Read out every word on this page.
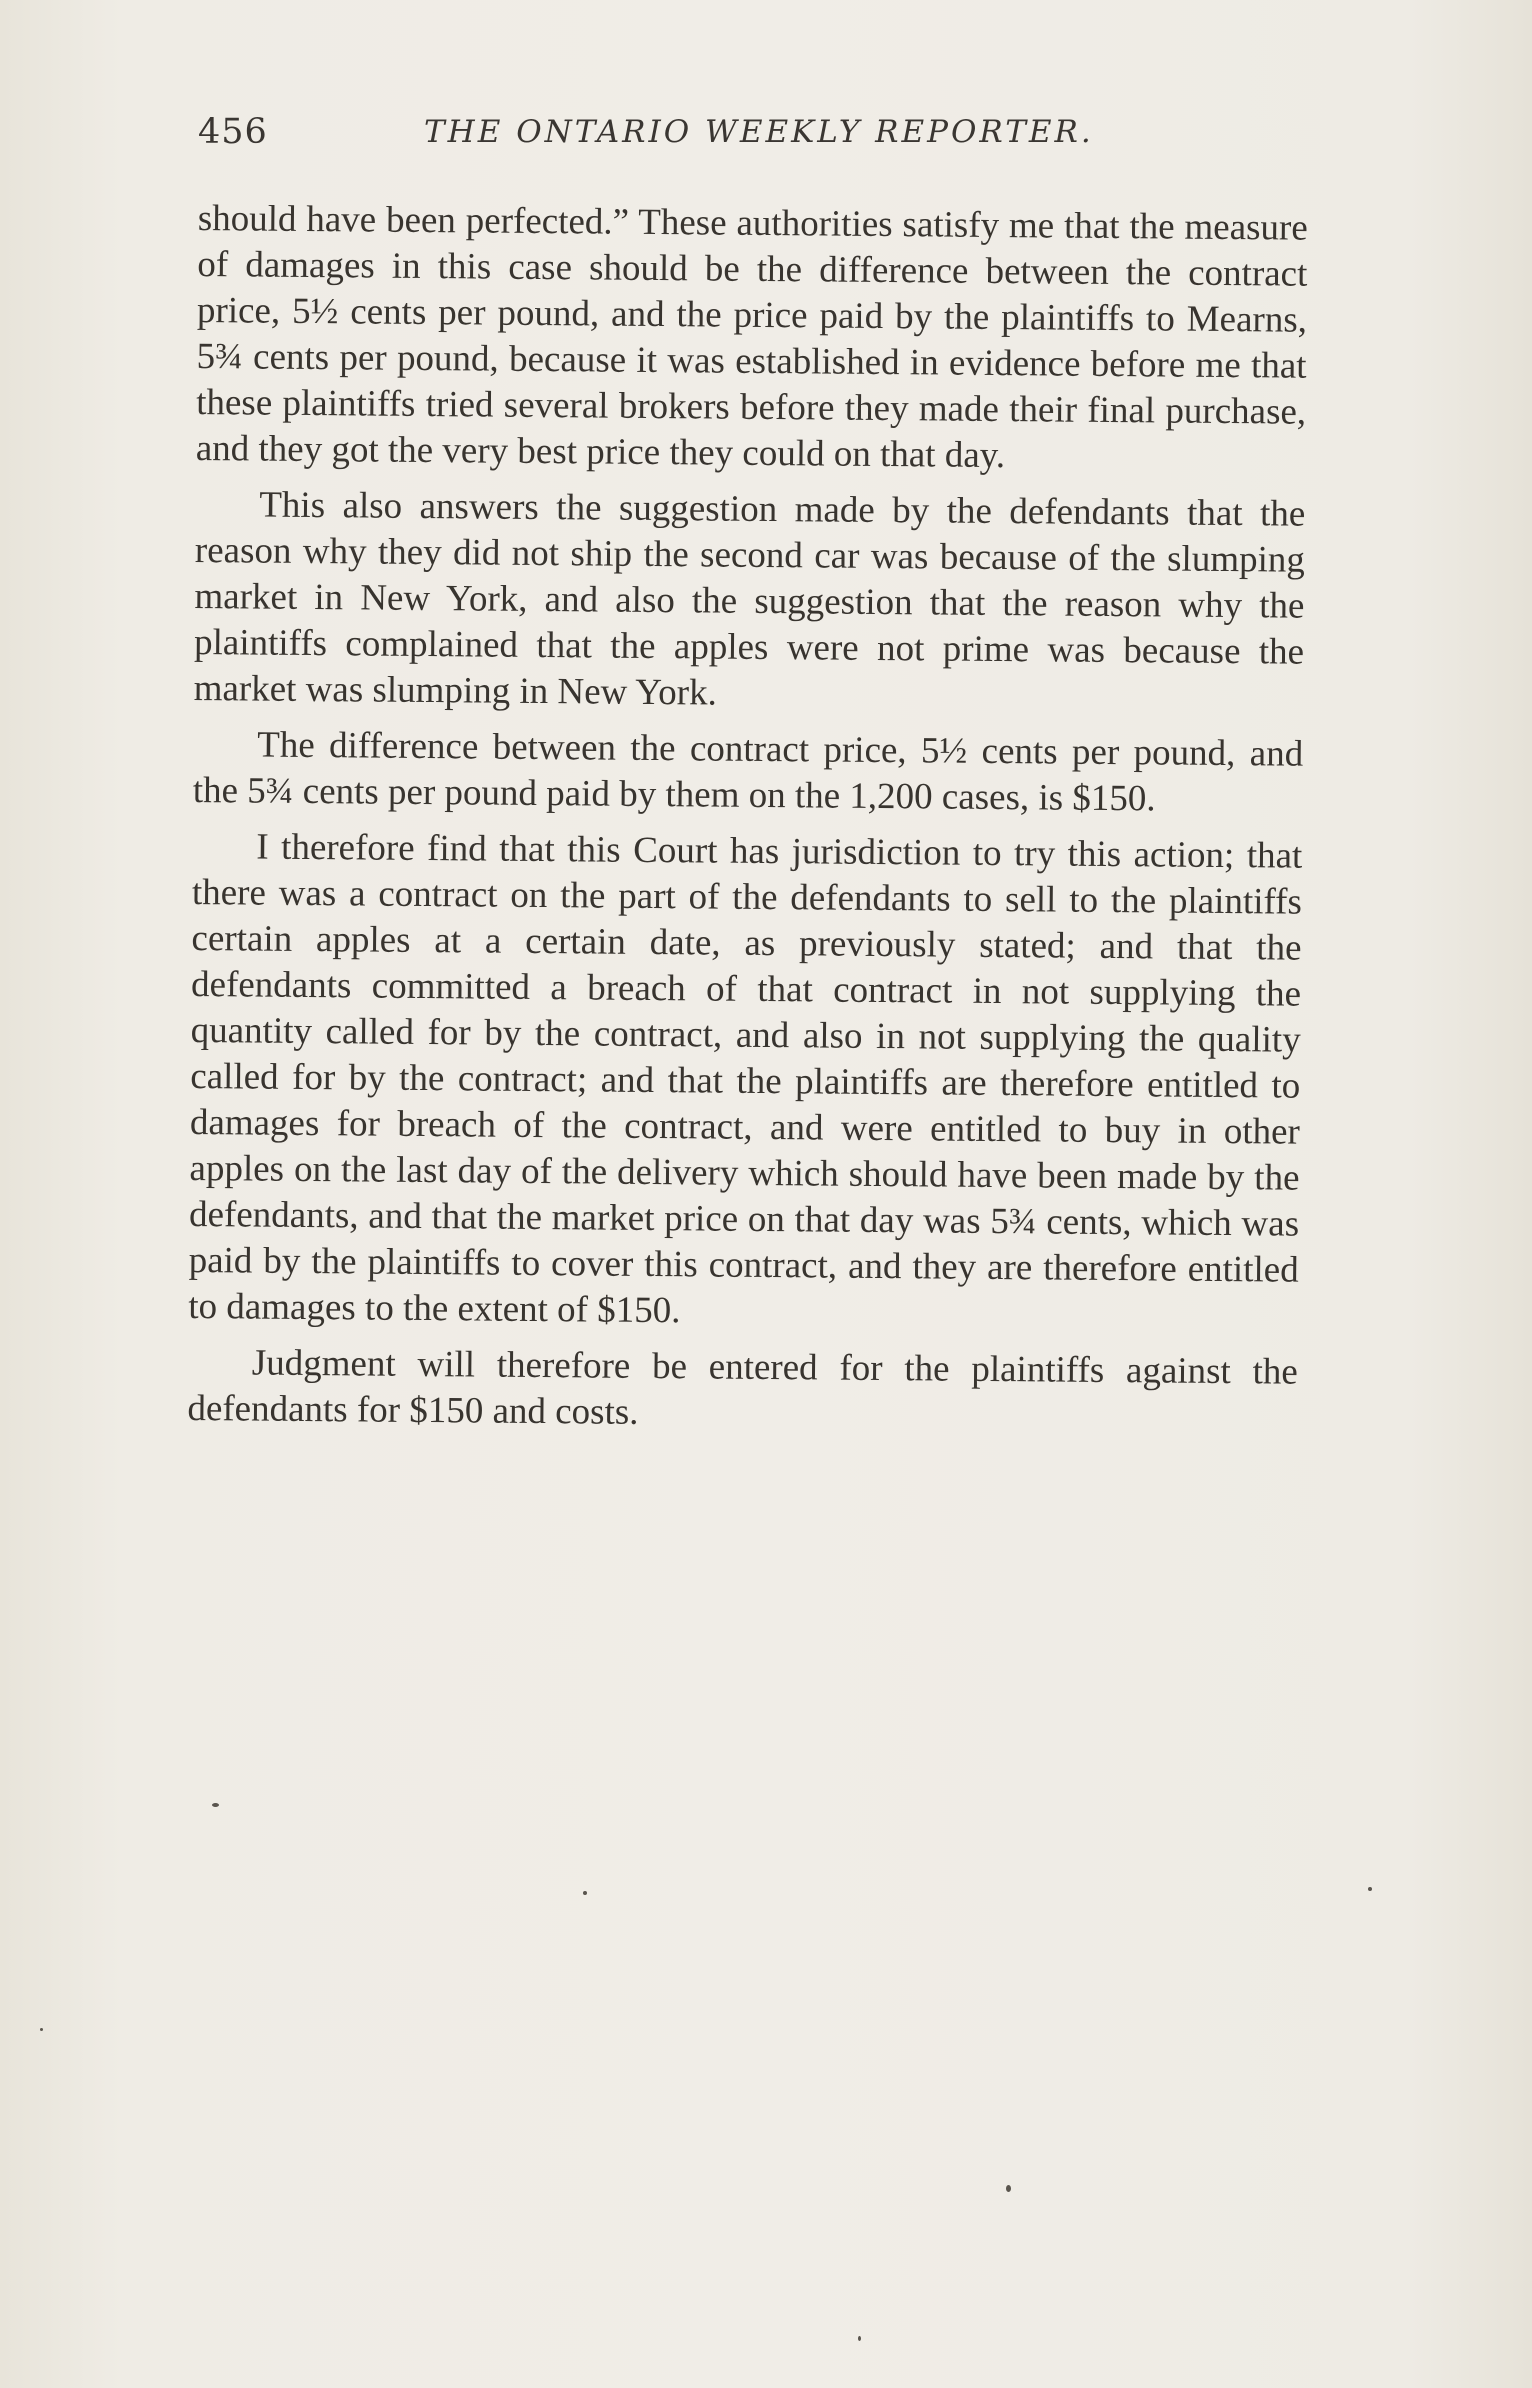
456	THE ONTARIO WEEKLY REPORTER.

should have been perfected.” These authorities satisfy me that the measure of damages in this case should be the difference between the contract price, 5½ cents per pound, and the price paid by the plaintiffs to Mearns, 5¾ cents per pound, because it was established in evidence before me that these plaintiffs tried several brokers before they made their final purchase, and they got the very best price they could on that day.

This also answers the suggestion made by the defendants that the reason why they did not ship the second car was because of the slumping market in New York, and also the suggestion that the reason why the plaintiffs complained that the apples were not prime was because the market was slumping in New York.

The difference between the contract price, 5½ cents per pound, and the 5¾ cents per pound paid by them on the 1,200 cases, is $150.

I therefore find that this Court has jurisdiction to try this action; that there was a contract on the part of the defendants to sell to the plaintiffs certain apples at a certain date, as previously stated; and that the defendants committed a breach of that contract in not supplying the quantity called for by the contract, and also in not supplying the quality called for by the contract; and that the plaintiffs are therefore entitled to damages for breach of the contract, and were entitled to buy in other apples on the last day of the delivery which should have been made by the defendants, and that the market price on that day was 5¾ cents, which was paid by the plaintiffs to cover this contract, and they are therefore entitled to damages to the extent of $150.

Judgment will therefore be entered for the plaintiffs against the defendants for $150 and costs.
